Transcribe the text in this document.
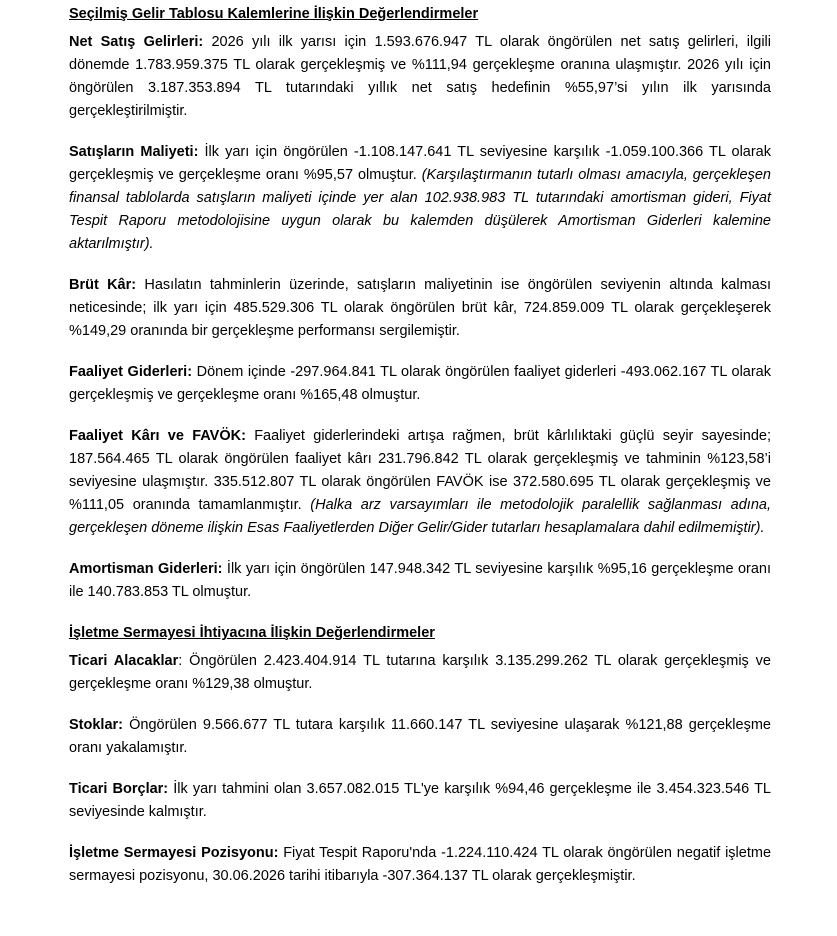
Seçilmiş Gelir Tablosu Kalemlerine İlişkin Değerlendirmeler

Net Satış Gelirleri: 2026 yılı ilk yarısı için 1.593.676.947 TL olarak öngörülen net satış gelirleri, ilgili dönemde 1.783.959.375 TL olarak gerçekleşmiş ve %111,94 gerçekleşme oranına ulaşmıştır. 2026 yılı için öngörülen 3.187.353.894 TL tutarındaki yıllık net satış hedefinin %55,97’si yılın ilk yarısında gerçekleştirilmiştir.

Satışların Maliyeti: İlk yarı için öngörülen -1.108.147.641 TL seviyesine karşılık -1.059.100.366 TL olarak gerçekleşmiş ve gerçekleşme oranı %95,57 olmuştur. (Karşılaştırmanın tutarlı olması amacıyla, gerçekleşen finansal tablolarda satışların maliyeti içinde yer alan 102.938.983 TL tutarındaki amortisman gideri, Fiyat Tespit Raporu metodolojisine uygun olarak bu kalemden düşülerek Amortisman Giderleri kalemine aktarılmıştır).

Brüt Kâr: Hasılatın tahminlerin üzerinde, satışların maliyetinin ise öngörülen seviyenin altında kalması neticesinde; ilk yarı için 485.529.306 TL olarak öngörülen brüt kâr, 724.859.009 TL olarak gerçekleşerek %149,29 oranında bir gerçekleşme performansı sergilemiştir.

Faaliyet Giderleri: Dönem içinde -297.964.841 TL olarak öngörülen faaliyet giderleri -493.062.167 TL olarak gerçekleşmiş ve gerçekleşme oranı %165,48 olmuştur.

Faaliyet Kârı ve FAVÖK: Faaliyet giderlerindeki artışa rağmen, brüt kârlılıktaki güçlü seyir sayesinde; 187.564.465 TL olarak öngörülen faaliyet kârı 231.796.842 TL olarak gerçekleşmiş ve tahminin %123,58’i seviyesine ulaşmıştır. 335.512.807 TL olarak öngörülen FAVÖK ise 372.580.695 TL olarak gerçekleşmiş ve %111,05 oranında tamamlanmıştır. (Halka arz varsayımları ile metodolojik paralellik sağlanması adına, gerçekleşen döneme ilişkin Esas Faaliyetlerden Diğer Gelir/Gider tutarları hesaplamalara dahil edilmemiştir).

Amortisman Giderleri: İlk yarı için öngörülen 147.948.342 TL seviyesine karşılık %95,16 gerçekleşme oranı ile 140.783.853 TL olmuştur.

İşletme Sermayesi İhtiyacına İlişkin Değerlendirmeler

Ticari Alacaklar: Öngörülen 2.423.404.914 TL tutarına karşılık 3.135.299.262 TL olarak gerçekleşmiş ve gerçekleşme oranı %129,38 olmuştur.

Stoklar: Öngörülen 9.566.677 TL tutara karşılık 11.660.147 TL seviyesine ulaşarak %121,88 gerçekleşme oranı yakalamıştır.

Ticari Borçlar: İlk yarı tahmini olan 3.657.082.015 TL'ye karşılık %94,46 gerçekleşme ile 3.454.323.546 TL seviyesinde kalmıştır.

İşletme Sermayesi Pozisyonu: Fiyat Tespit Raporu'nda -1.224.110.424 TL olarak öngörülen negatif işletme sermayesi pozisyonu, 30.06.2026 tarihi itibarıyla -307.364.137 TL olarak gerçekleşmiştir.
